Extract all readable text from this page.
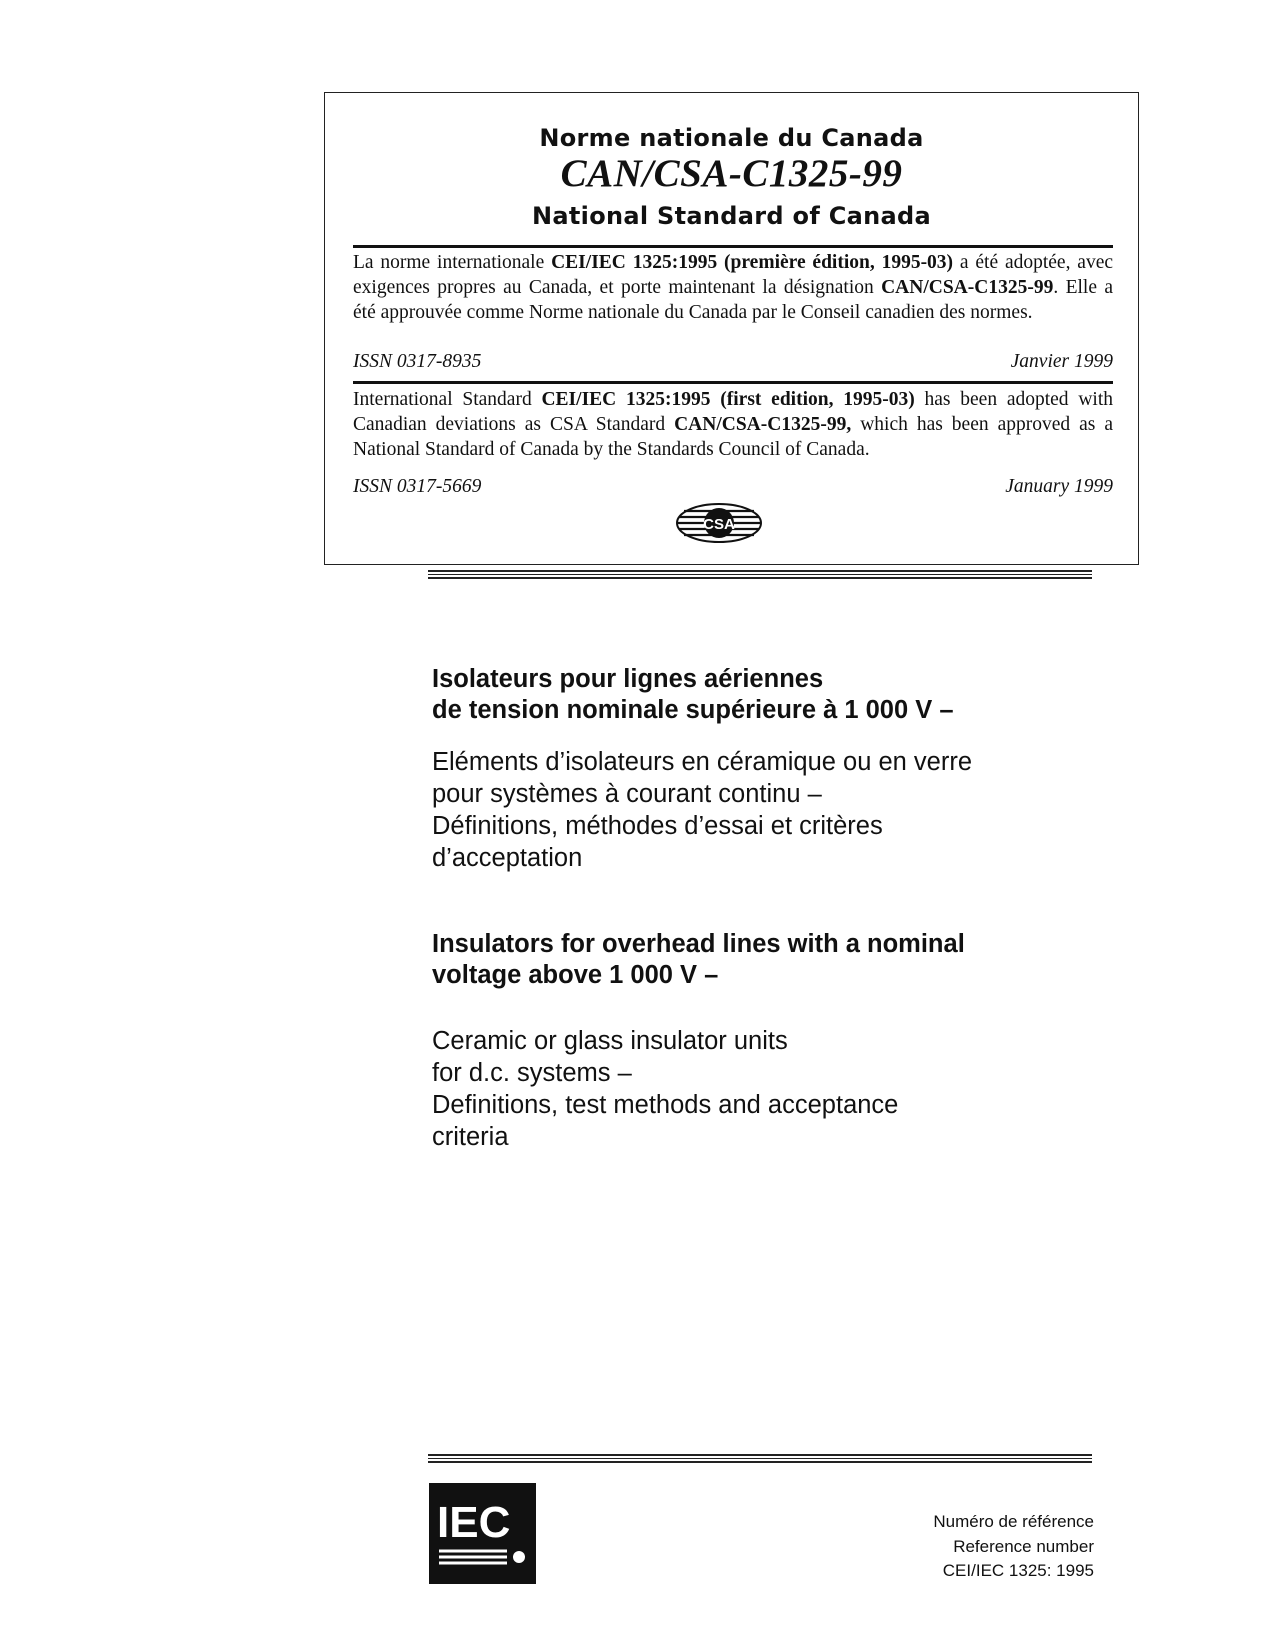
Norme nationale du Canada
CAN/CSA-C1325-99
National Standard of Canada
La norme internationale CEI/IEC 1325:1995 (première édition, 1995-03) a été adoptée, avec exigences propres au Canada, et porte maintenant la désignation CAN/CSA-C1325-99. Elle a été approuvée comme Norme nationale du Canada par le Conseil canadien des normes.
ISSN 0317-8935	Janvier 1999
International Standard CEI/IEC 1325:1995 (first edition, 1995-03) has been adopted with Canadian deviations as CSA Standard CAN/CSA-C1325-99, which has been approved as a National Standard of Canada by the Standards Council of Canada.
ISSN 0317-5669	January 1999
CSA
Isolateurs pour lignes aériennes
de tension nominale supérieure à 1 000 V –
Eléments d’isolateurs en céramique ou en verre
pour systèmes à courant continu –
Définitions, méthodes d’essai et critères
d’acceptation
Insulators for overhead lines with a nominal
voltage above 1 000 V –
Ceramic or glass insulator units
for d.c. systems –
Definitions, test methods and acceptance
criteria
IEC	Numéro de référence
Reference number
CEI/IEC 1325: 1995
